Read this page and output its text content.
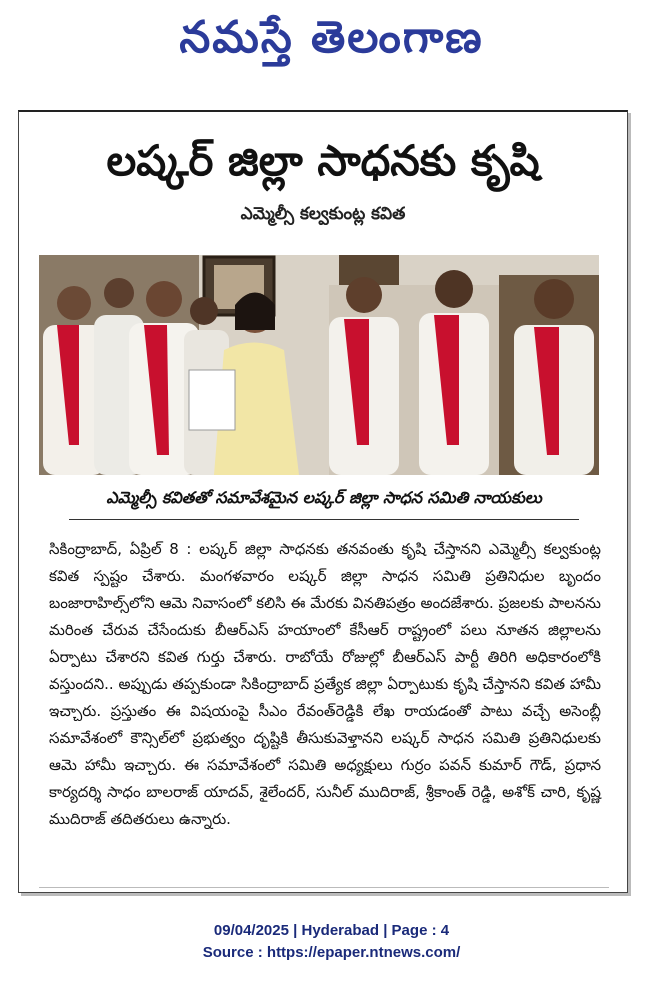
నమస్తే తెలంగాణ
లష్కర్ జిల్లా సాధనకు కృషి
ఎమ్మెల్సీ కల్వకుంట్ల కవిత
ఎమ్మెల్సీ కవితతో సమావేశమైన లష్కర్ జిల్లా సాధన సమితి నాయకులు
సికింద్రాబాద్, ఏప్రిల్ 8 : లష్కర్ జిల్లా సాధనకు తనవంతు కృషి చేస్తానని ఎమ్మెల్సీ కల్వకుంట్ల కవిత స్పష్టం చేశారు. మంగళవారం లష్కర్ జిల్లా సాధన సమితి ప్రతినిధుల బృందం బంజారాహిల్స్‌లోని ఆమె నివాసంలో కలిసి ఈ మేరకు వినతిపత్రం అందజేశారు. ప్రజలకు పాలనను మరింత చేరువ చేసేందుకు బీఆర్ఎస్ హయాంలో కేసీఆర్ రాష్ట్రంలో పలు నూతన జిల్లాలను ఏర్పాటు చేశారని కవిత గుర్తు చేశారు. రాబోయే రోజుల్లో బీఆర్ఎస్ పార్టీ తిరిగి అధికారంలోకి వస్తుందని.. అప్పుడు తప్పకుండా సికింద్రాబాద్ ప్రత్యేక జిల్లా ఏర్పాటుకు కృషి చేస్తానని కవిత హామీ ఇచ్చారు. ప్రస్తుతం ఈ విషయంపై సీఎం రేవంత్‌రెడ్డికి లేఖ రాయడంతో పాటు వచ్చే అసెంబ్లీ సమావేశంలో కౌన్సిల్‌లో ప్రభుత్వం దృష్టికి తీసుకువెళ్తానని లష్కర్ సాధన సమితి ప్రతినిధులకు ఆమె హామీ ఇచ్చారు. ఈ సమావేశంలో సమితి అధ్యక్షులు గుర్రం పవన్ కుమార్ గౌడ్, ప్రధాన కార్యదర్శి సాధం బాలరాజ్ యాదవ్, శైలేందర్, సునీల్ ముదిరాజ్, శ్రీకాంత్ రెడ్డి, అశోక్ చారి, కృష్ణ ముదిరాజ్ తదితరులు ఉన్నారు.
09/04/2025 | Hyderabad | Page : 4
Source : https://epaper.ntnews.com/
